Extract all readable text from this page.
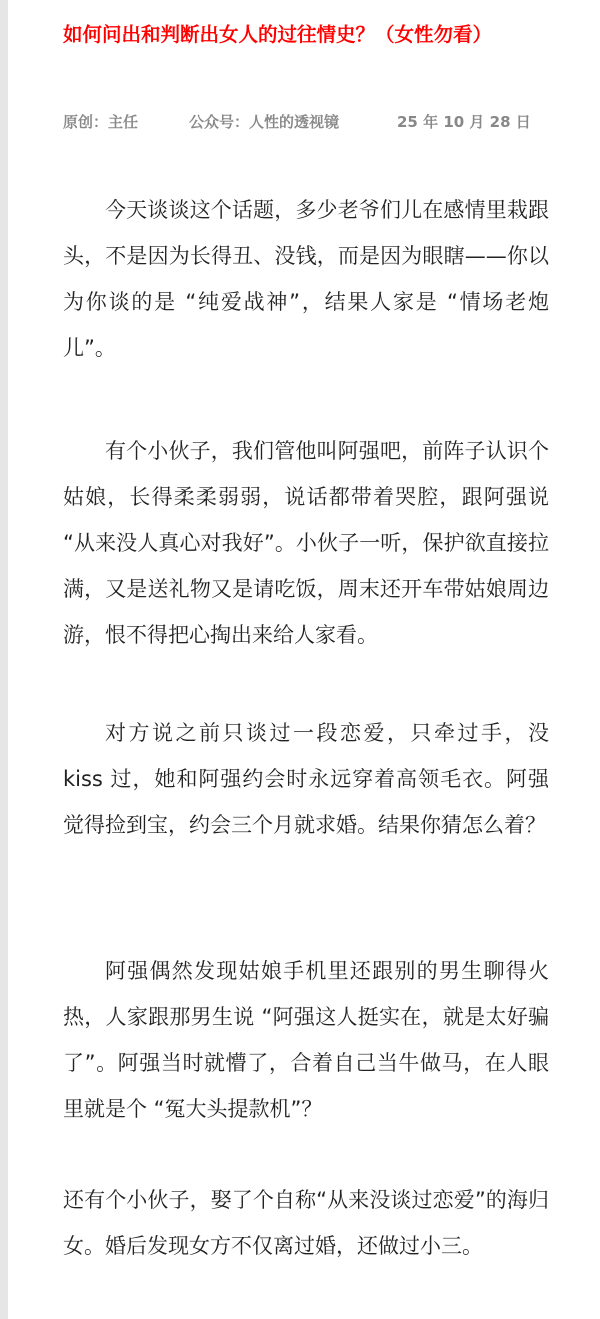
如何问出和判断出女人的过往情史？（女性勿看）
原创：主任	公众号：人性的透视镜	25 年 10 月 28 日

今天谈谈这个话题，多少老爷们儿在感情里栽跟头，不是因为长得丑、没钱，而是因为眼瞎——你以为你谈的是 “纯爱战神”，结果人家是 “情场老炮儿”。

有个小伙子，我们管他叫阿强吧，前阵子认识个姑娘，长得柔柔弱弱，说话都带着哭腔，跟阿强说 “从来没人真心对我好”。小伙子一听，保护欲直接拉满，又是送礼物又是请吃饭，周末还开车带姑娘周边游，恨不得把心掏出来给人家看。

对方说之前只谈过一段恋爱，只牵过手，没 kiss 过，她和阿强约会时永远穿着高领毛衣。阿强觉得捡到宝，约会三个月就求婚。结果你猜怎么着？

阿强偶然发现姑娘手机里还跟别的男生聊得火热，人家跟那男生说 “阿强这人挺实在，就是太好骗了”。阿强当时就懵了，合着自己当牛做马，在人眼里就是个 “冤大头提款机”？

还有个小伙子，娶了个自称“从来没谈过恋爱”的海归女。婚后发现女方不仅离过婚，还做过小三。
